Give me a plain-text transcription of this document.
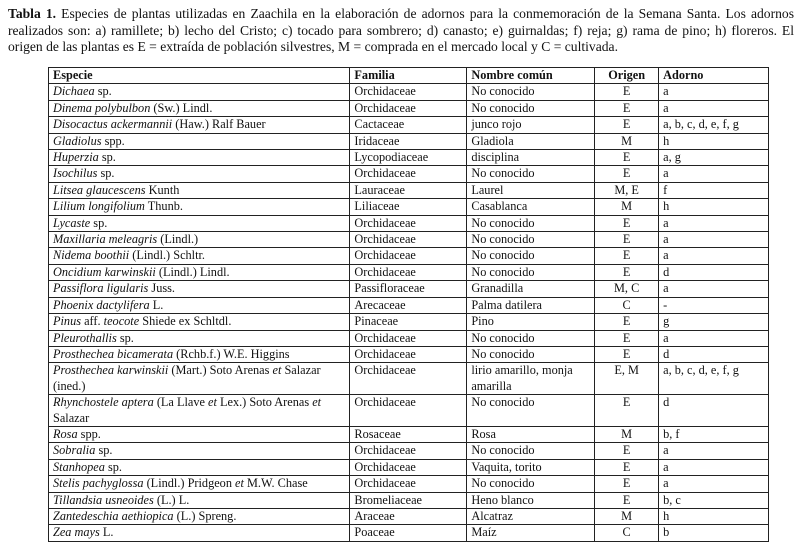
Tabla 1. Especies de plantas utilizadas en Zaachila en la elaboración de adornos para la conmemoración de la Semana Santa. Los adornos realizados son: a) ramillete; b) lecho del Cristo; c) tocado para sombrero; d) canasto; e) guirnaldas; f) reja; g) rama de pino; h) floreros. El origen de las plantas es E = extraída de población silvestres, M = comprada en el mercado local y C = cultivada.
Especie	Familia	Nombre común	Origen	Adorno
Dichaea sp.	Orchidaceae	No conocido	E	a
Dinema polybulbon (Sw.) Lindl.	Orchidaceae	No conocido	E	a
Disocactus ackermannii (Haw.) Ralf Bauer	Cactaceae	junco rojo	E	a, b, c, d, e, f, g
Gladiolus spp.	Iridaceae	Gladiola	M	h
Huperzia sp.	Lycopodiaceae	disciplina	E	a, g
Isochilus sp.	Orchidaceae	No conocido	E	a
Litsea glaucescens Kunth	Lauraceae	Laurel	M, E	f
Lilium longifolium Thunb.	Liliaceae	Casablanca	M	h
Lycaste sp.	Orchidaceae	No conocido	E	a
Maxillaria meleagris (Lindl.)	Orchidaceae	No conocido	E	a
Nidema boothii (Lindl.) Schltr.	Orchidaceae	No conocido	E	a
Oncidium karwinskii (Lindl.) Lindl.	Orchidaceae	No conocido	E	d
Passiflora ligularis Juss.	Passifloraceae	Granadilla	M, C	a
Phoenix dactylifera L.	Arecaceae	Palma datilera	C	-
Pinus aff. teocote Shiede ex Schltdl.	Pinaceae	Pino	E	g
Pleurothallis sp.	Orchidaceae	No conocido	E	a
Prosthechea bicamerata (Rchb.f.) W.E. Higgins	Orchidaceae	No conocido	E	d
Prosthechea karwinskii (Mart.) Soto Arenas et Salazar (ined.)	Orchidaceae	lirio amarillo, monja amarilla	E, M	a, b, c, d, e, f, g
Rhynchostele aptera (La Llave et Lex.) Soto Arenas et Salazar	Orchidaceae	No conocido	E	d
Rosa spp.	Rosaceae	Rosa	M	b, f
Sobralia sp.	Orchidaceae	No conocido	E	a
Stanhopea sp.	Orchidaceae	Vaquita, torito	E	a
Stelis pachyglossa (Lindl.) Pridgeon et M.W. Chase	Orchidaceae	No conocido	E	a
Tillandsia usneoides (L.) L.	Bromeliaceae	Heno blanco	E	b, c
Zantedeschia aethiopica (L.) Spreng.	Araceae	Alcatraz	M	h
Zea mays L.	Poaceae	Maíz	C	b
